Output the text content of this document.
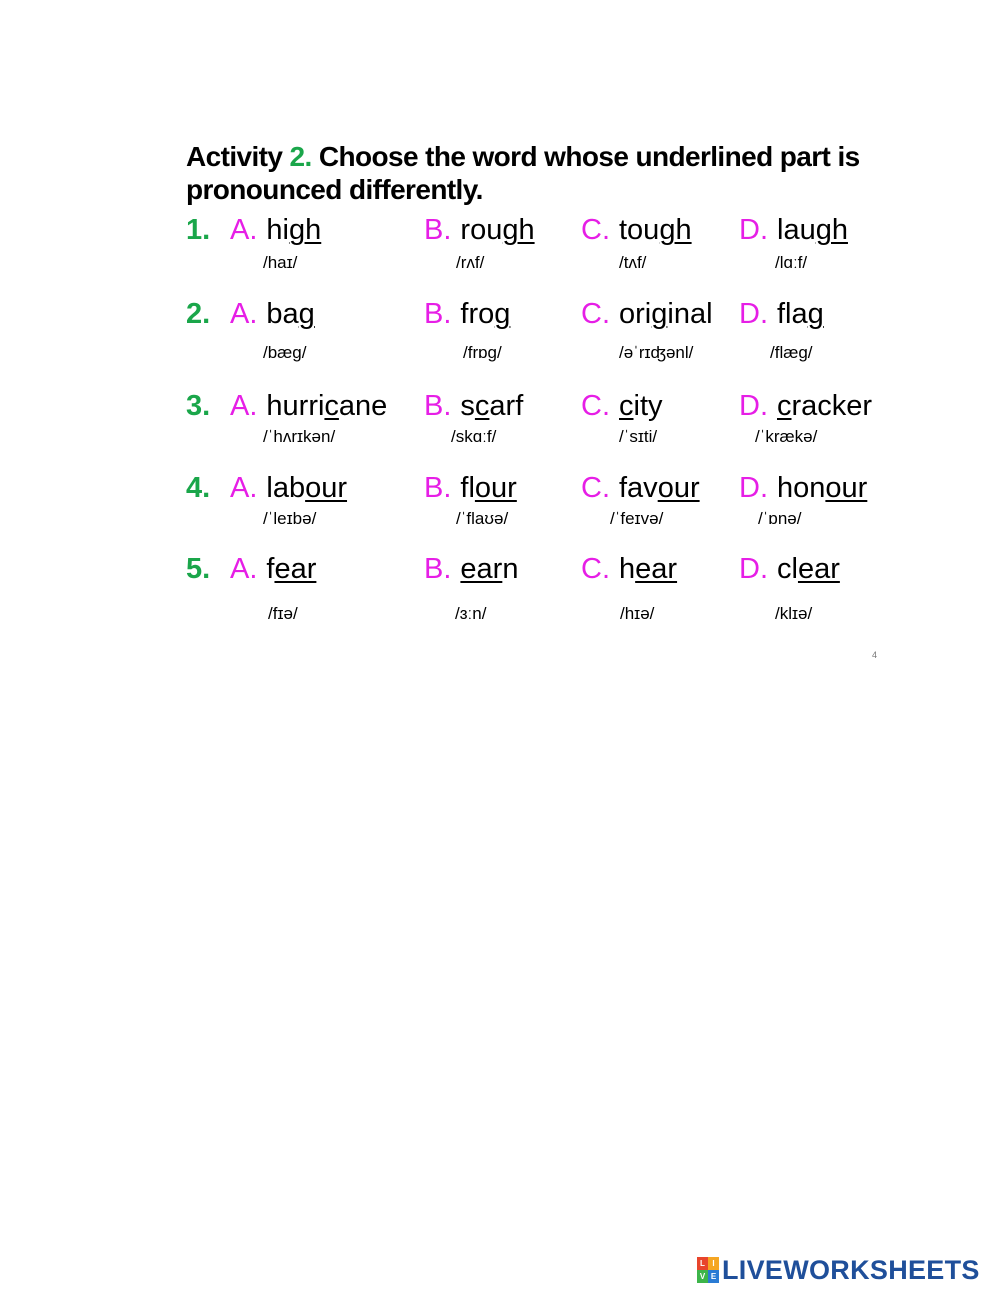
Activity 2. Choose the word whose underlined part is pronounced differently.
1. A. high	B. rough C. tough D. laugh
/haɪ/	/rʌf/	/tʌf/	/lɑːf/
2. A. bag	B. frog C. original D. flag
/bæg/	/frɒg/	/əˈrɪʤənl/	/flæg/
3. A. hurricane B. scarf C. city	D. cracker
/ˈhʌrɪkən/	/skɑːf/	/ˈsɪti/	/ˈkrækə/
4. A. labour	B. flour C. favour D. honour
/ˈleɪbə/	/ˈflaʊə/	/ˈfeɪvə/	/ˈɒnə/
5. A. fear	B. earn C. hear D. clear
/fɪə/	/ɜːn/	/hɪə/	/klɪə/
4
L I
V E LIVEWORKSHEETS
